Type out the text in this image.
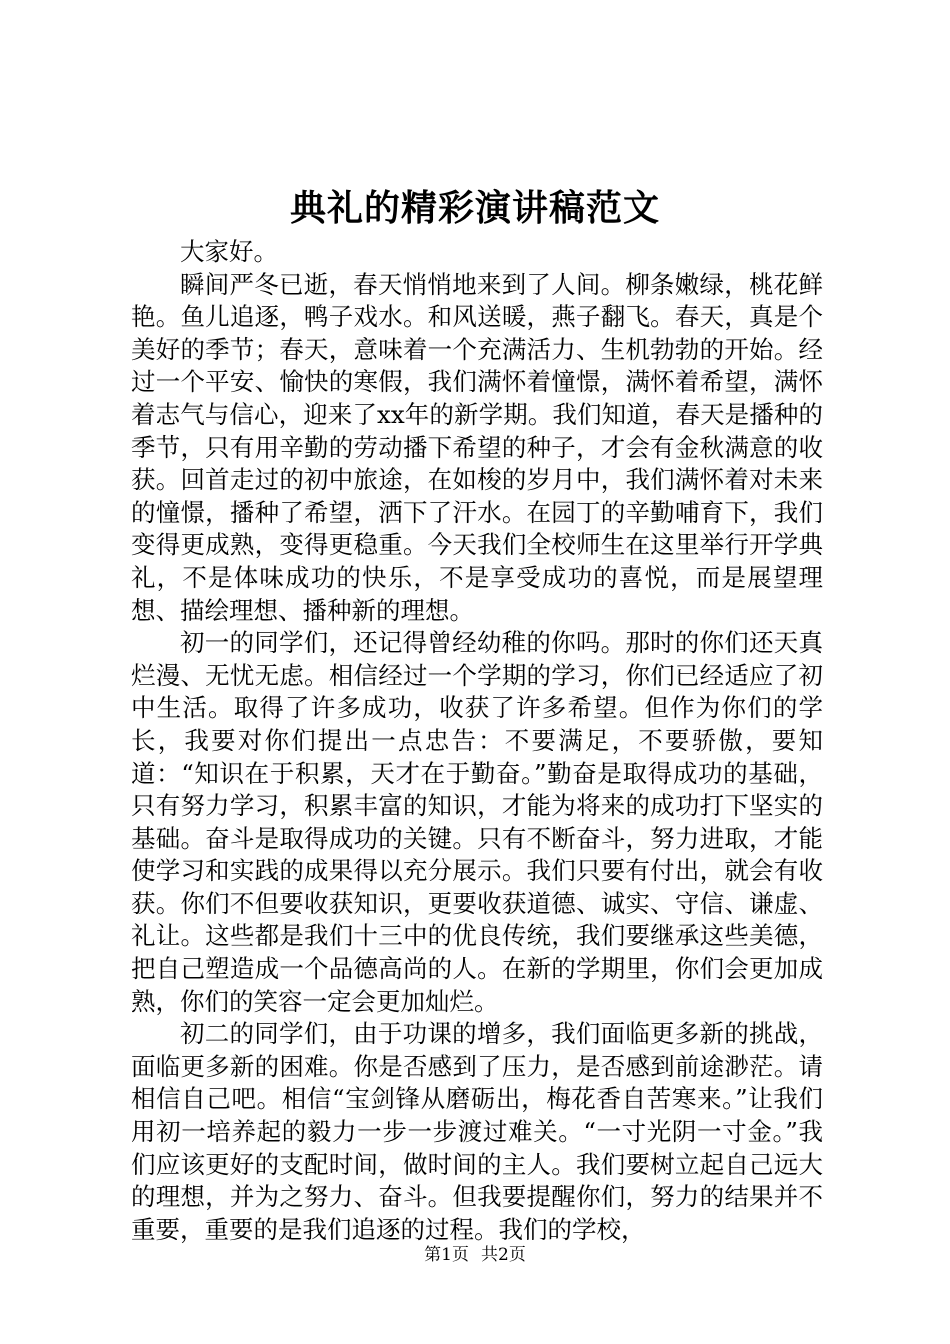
典礼的精彩演讲稿范文

大家好。

瞬间严冬已逝，春天悄悄地来到了人间。柳条嫩绿，桃花鲜艳。鱼儿追逐，鸭子戏水。和风送暖，燕子翻飞。春天，真是个美好的季节；春天，意味着一个充满活力、生机勃勃的开始。经过一个平安、愉快的寒假，我们满怀着憧憬，满怀着希望，满怀着志气与信心，迎来了xx年的新学期。我们知道，春天是播种的季节，只有用辛勤的劳动播下希望的种子，才会有金秋满意的收获。回首走过的初中旅途，在如梭的岁月中，我们满怀着对未来的憧憬，播种了希望，洒下了汗水。在园丁的辛勤哺育下，我们变得更成熟，变得更稳重。今天我们全校师生在这里举行开学典礼，不是体味成功的快乐，不是享受成功的喜悦，而是展望理想、描绘理想、播种新的理想。

初一的同学们，还记得曾经幼稚的你吗。那时的你们还天真烂漫、无忧无虑。相信经过一个学期的学习，你们已经适应了初中生活。取得了许多成功，收获了许多希望。但作为你们的学长，我要对你们提出一点忠告：不要满足，不要骄傲，要知道：“知识在于积累，天才在于勤奋。”勤奋是取得成功的基础，只有努力学习，积累丰富的知识，才能为将来的成功打下坚实的基础。奋斗是取得成功的关键。只有不断奋斗，努力进取，才能使学习和实践的成果得以充分展示。我们只要有付出，就会有收获。你们不但要收获知识，更要收获道德、诚实、守信、谦虚、礼让。这些都是我们十三中的优良传统，我们要继承这些美德，把自己塑造成一个品德高尚的人。在新的学期里，你们会更加成熟，你们的笑容一定会更加灿烂。

初二的同学们，由于功课的增多，我们面临更多新的挑战，面临更多新的困难。你是否感到了压力，是否感到前途渺茫。请相信自己吧。相信“宝剑锋从磨砺出，梅花香自苦寒来。”让我们用初一培养起的毅力一步一步渡过难关。“一寸光阴一寸金。”我们应该更好的支配时间，做时间的主人。我们要树立起自己远大的理想，并为之努力、奋斗。但我要提醒你们，努力的结果并不重要，重要的是我们追逐的过程。我们的学校，

第1页 共2页
